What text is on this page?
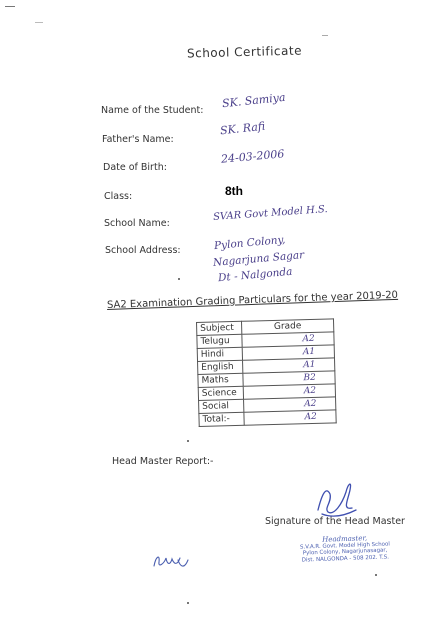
School Certificate
Name of the Student:
SK. Samiya
Father's Name:
SK. Rafi
Date of Birth:
24-03-2006
Class:	8th
School Name:
SVAR Govt Model H.S.
School Address:	Pylon Colony,
Nagarjuna Sagar
Dt - Nalgonda
SA2 Examination Grading Particulars for the year 2019-20
Subject	Grade
Telugu	A2
Hindi	A1
English	A1
Maths	B2
Science	A2
Social	A2
Total:-	A2
Head Master Report:-
Signature of the Head Master
Headmaster,
S.V.A.R. Govt. Model High School
Pylon Colony, Nagarjunasagar,
Dist. NALGONDA - 508 202. T.S.
